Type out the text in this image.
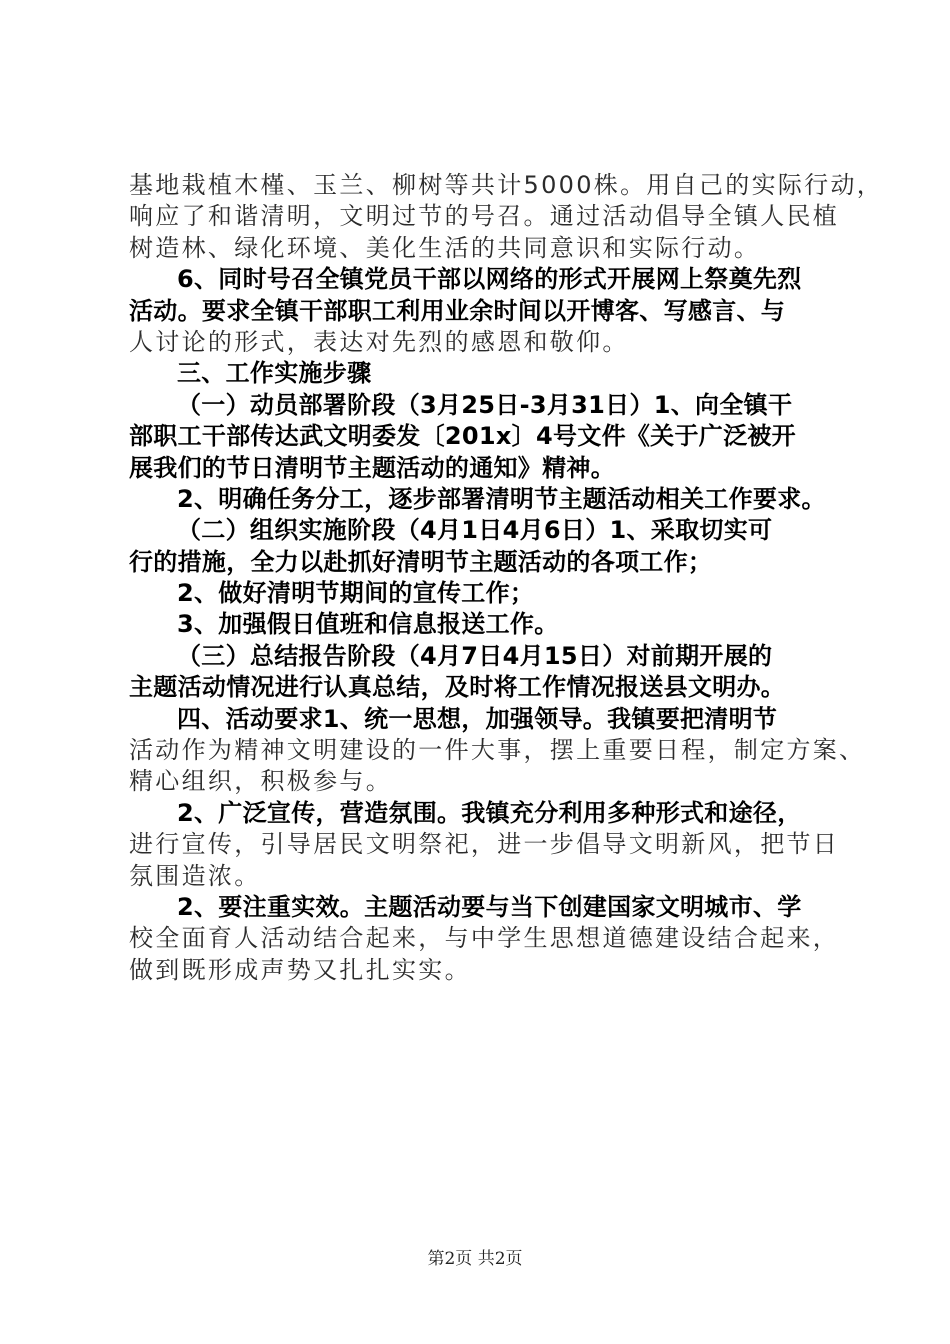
基地栽植木槿、玉兰、柳树等共计5000株。用自己的实际行动，
响应了和谐清明，文明过节的号召。通过活动倡导全镇人民植
树造林、绿化环境、美化生活的共同意识和实际行动。
6、同时号召全镇党员干部以网络的形式开展网上祭奠先烈
活动。要求全镇干部职工利用业余时间以开博客、写感言、与
人讨论的形式，表达对先烈的感恩和敬仰。
三、工作实施步骤
（一）动员部署阶段（3月25日-3月31日）1、向全镇干
部职工干部传达武文明委发〔201x〕4号文件《关于广泛被开
展我们的节日清明节主题活动的通知》精神。
2、明确任务分工，逐步部署清明节主题活动相关工作要求。
（二）组织实施阶段（4月1日4月6日）1、采取切实可
行的措施，全力以赴抓好清明节主题活动的各项工作；
2、做好清明节期间的宣传工作；
3、加强假日值班和信息报送工作。
（三）总结报告阶段（4月7日4月15日）对前期开展的
主题活动情况进行认真总结，及时将工作情况报送县文明办。
四、活动要求1、统一思想，加强领导。我镇要把清明节
活动作为精神文明建设的一件大事，摆上重要日程，制定方案、
精心组织，积极参与。
2、广泛宣传，营造氛围。我镇充分利用多种形式和途径，
进行宣传，引导居民文明祭祀，进一步倡导文明新风，把节日
氛围造浓。
2、要注重实效。主题活动要与当下创建国家文明城市、学
校全面育人活动结合起来，与中学生思想道德建设结合起来，
做到既形成声势又扎扎实实。
第2页 共2页
